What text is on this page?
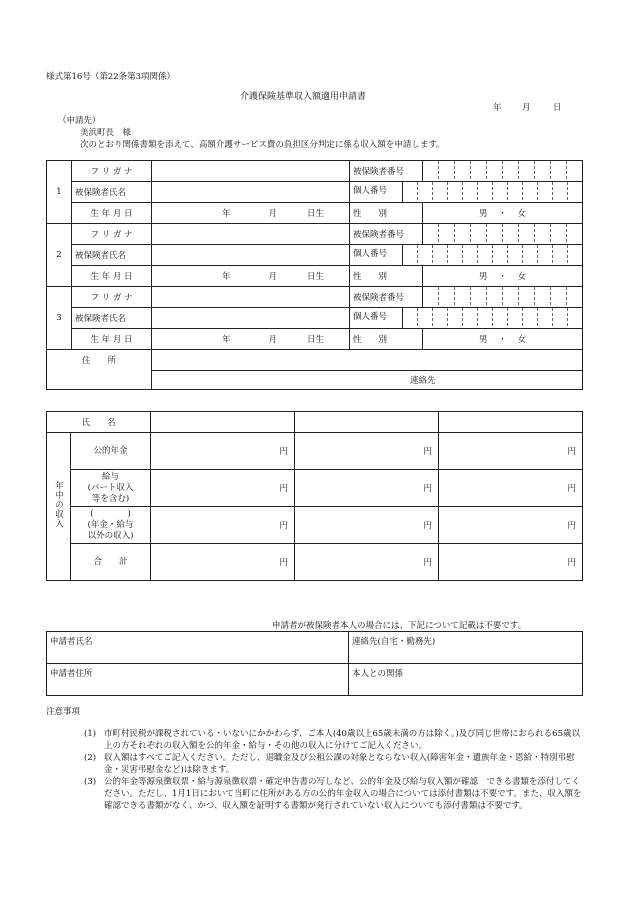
様式第16号（第22条第3項関係）
介護保険基準収入額適用申請書
年 月	日
（申請先）
美浜町長　様
次のとおり関係書類を添えて、高額介護サービス費の負担区分判定に係る収入額を申請します。
1	フ リ ガ ナ		被保険者番号	

	被保険者氏名		個人番号	

	生 年 月 日	年 月 日生	性　　別	男 ・ 女
2	フ リ ガ ナ		被保険者番号	

	被保険者氏名		個人番号	

	生 年 月 日	年 月 日生	性　　別	男 ・ 女
3	フ リ ガ ナ		被保険者番号	

	被保険者氏名		個人番号	

	生 年 月 日	年 月 日生	性　　別	男 ・ 女
住　　所				
		連絡先		
氏　　名				
年中の収入	公的年金	円	円	円
	給与
(パート収入
等を含む)	円	円	円
	(　　　　)
(年金・給与
以外の収入)	円	円	円
	合　　計	円	円	円
申請者が被保険者本人の場合には、下記について記載は不要です。
申請者氏名	連絡先(自宅・勤務先)
申請者住所	本人との関係
注意事項
(1) 市町村民税が課税されている・いないにかかわらず、ご本人(40歳以上65歳未満の方は除く。)及び同じ世帯におられる65歳以上の方それぞれの収入額を公的年金・給与・その他の収入に分けてご記入ください。
(2) 収入額はすべてご記入ください。ただし、退職金及び公租公課の対象とならない収入(障害年金・遺族年金・恩給・特別弔慰金・災害弔慰金など)は除きます。
(3) 公的年金等源泉徴収票・給与源泉徴収票・確定申告書の写しなど、公的年金及び給与収入額が確認　できる書類を添付してください。ただし、1月1日において当町に住所がある方の公的年金収入の場合については添付書類は不要です。また、収入額を確認できる書類がなく、かつ、収入額を証明する書類が発行されていない収入についても添付書類は不要です。
